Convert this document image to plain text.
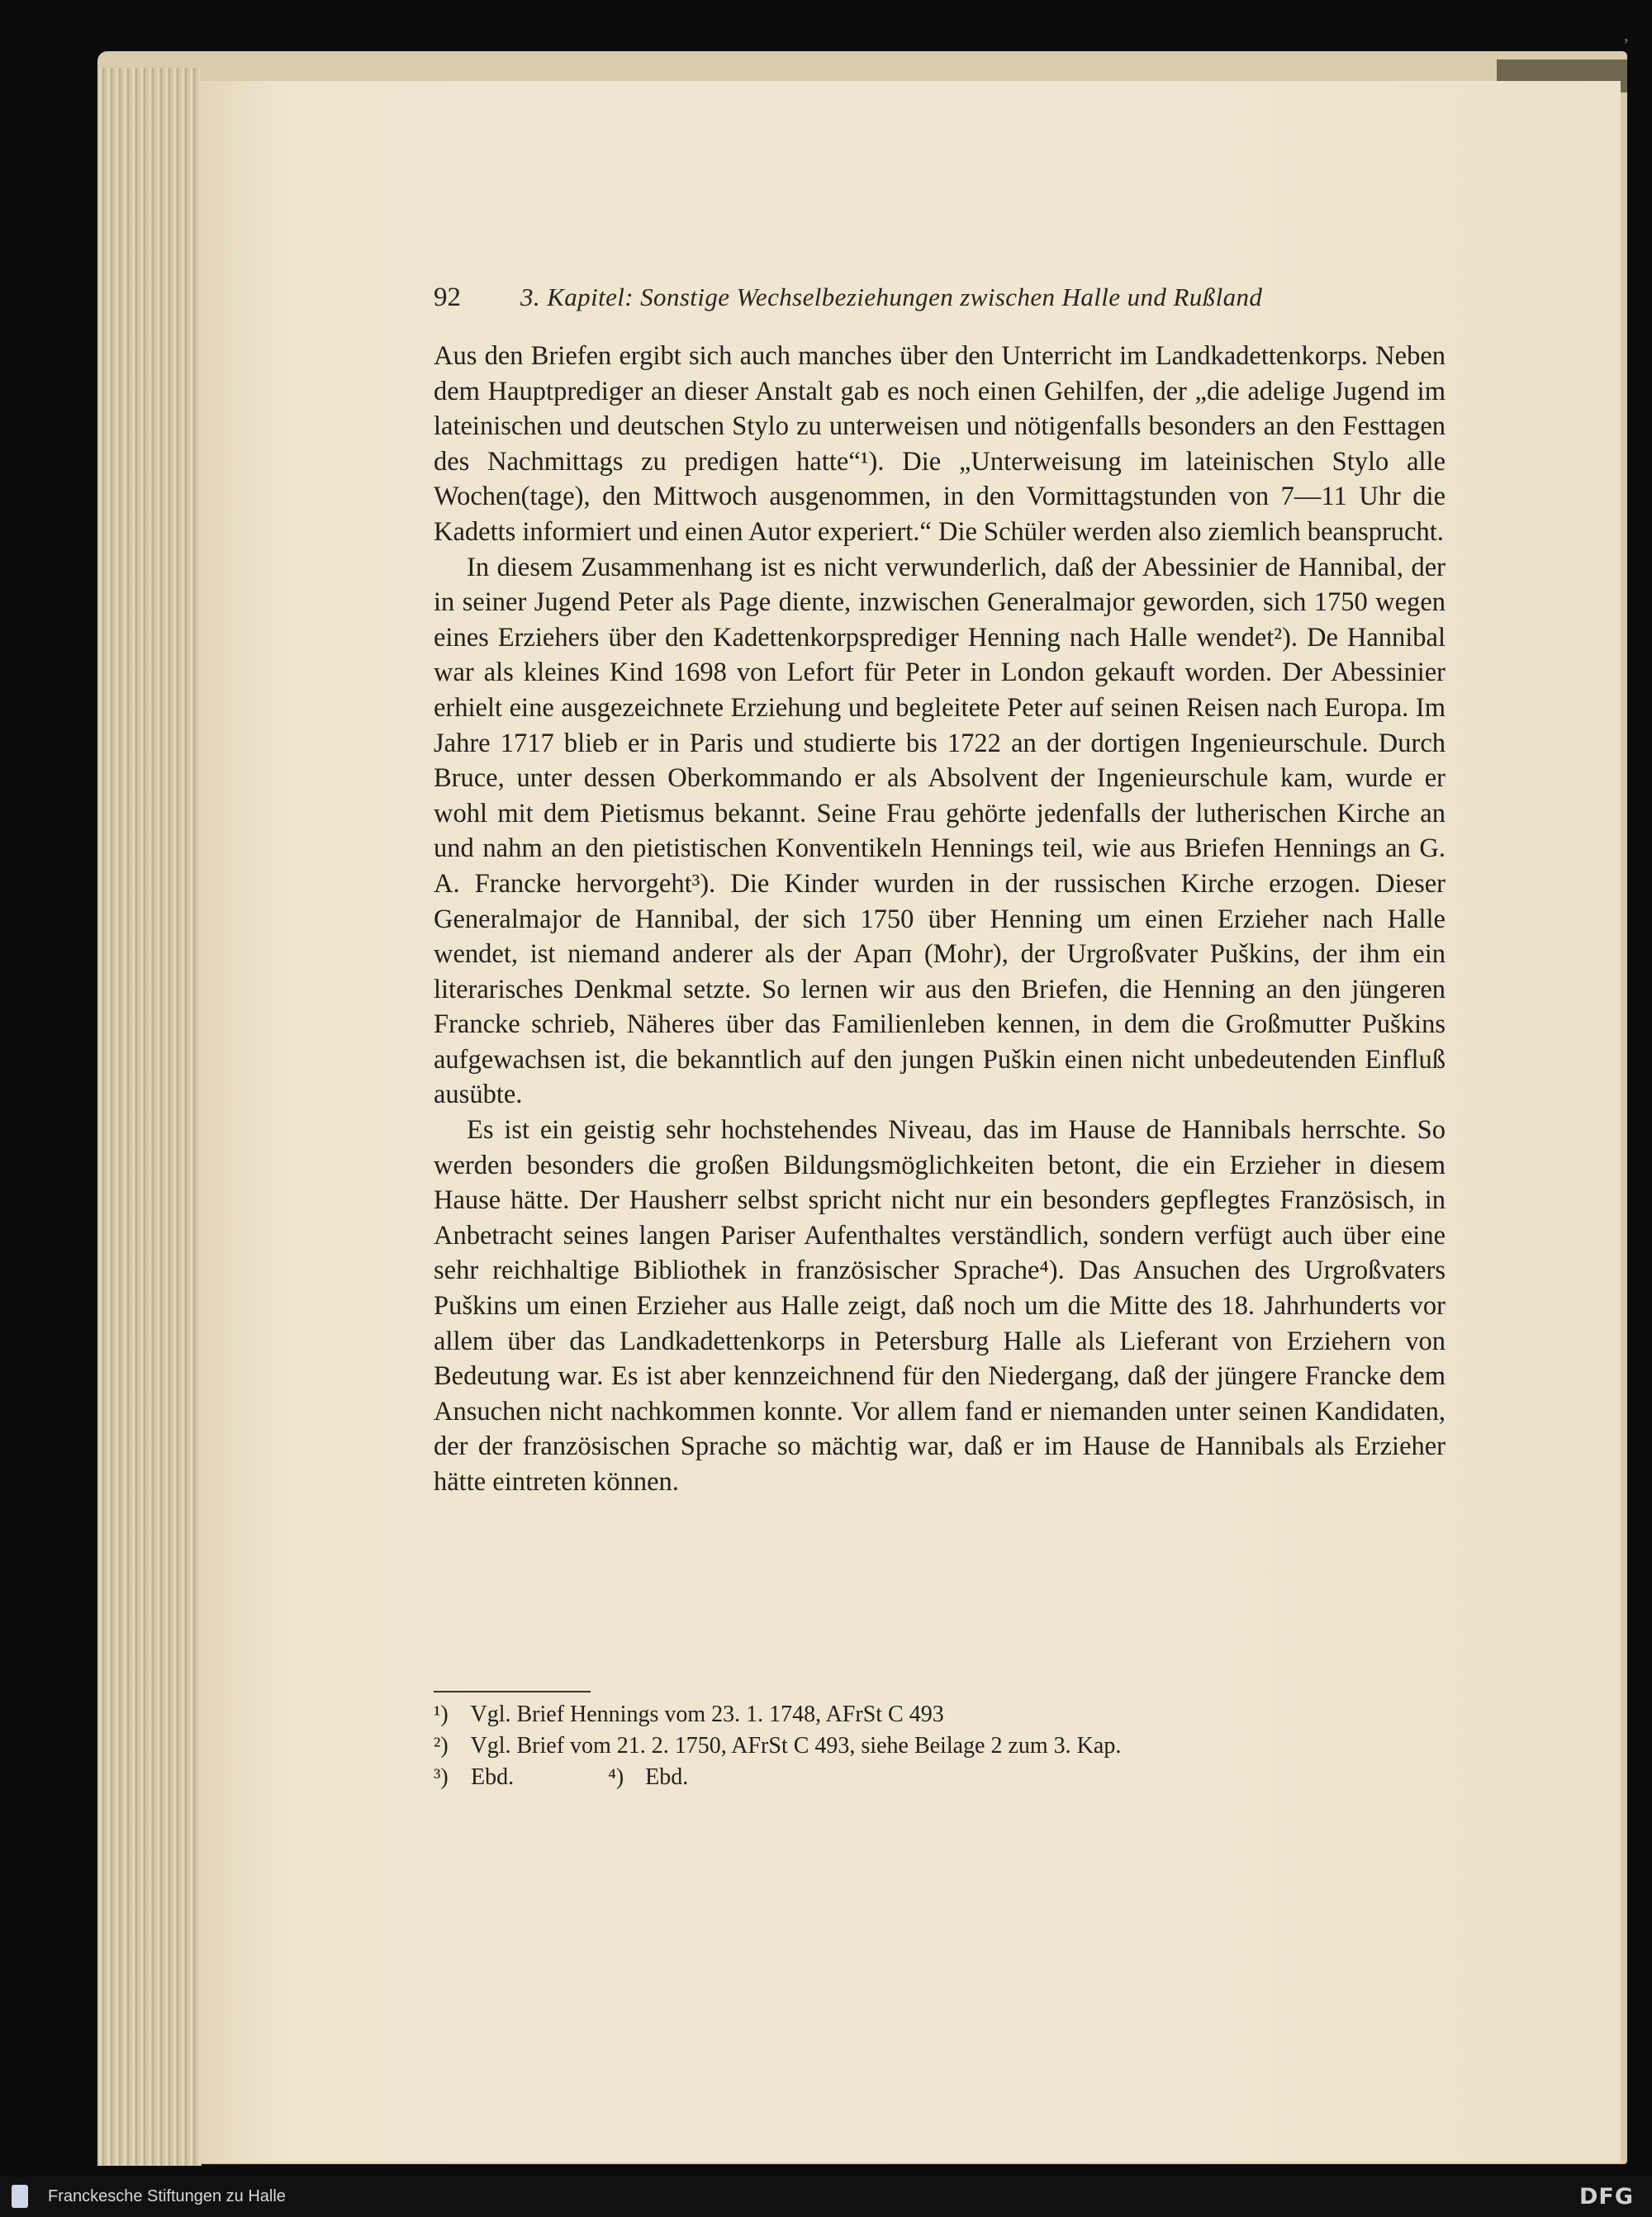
ʼ
92 3. Kapitel: Sonstige Wechselbeziehungen zwischen Halle und Rußland

Aus den Briefen ergibt sich auch manches über den Unterricht im Landkadettenkorps. Neben dem Hauptprediger an dieser Anstalt gab es noch einen Gehilfen, der „die adelige Jugend im lateinischen und deutschen Stylo zu unterweisen und nötigenfalls besonders an den Festtagen des Nachmittags zu predigen hatte“¹). Die „Unterweisung im lateinischen Stylo alle Wochen(tage), den Mittwoch ausgenommen, in den Vormittagstunden von 7—11 Uhr die Kadetts informiert und einen Autor experiert.“ Die Schüler werden also ziemlich beansprucht.

In diesem Zusammenhang ist es nicht verwunderlich, daß der Abessinier de Hannibal, der in seiner Jugend Peter als Page diente, inzwischen Generalmajor geworden, sich 1750 wegen eines Erziehers über den Kadettenkorpsprediger Henning nach Halle wendet²). De Hannibal war als kleines Kind 1698 von Lefort für Peter in London gekauft worden. Der Abessinier erhielt eine ausgezeichnete Erziehung und begleitete Peter auf seinen Reisen nach Europa. Im Jahre 1717 blieb er in Paris und studierte bis 1722 an der dortigen Ingenieurschule. Durch Bruce, unter dessen Oberkommando er als Absolvent der Ingenieurschule kam, wurde er wohl mit dem Pietismus bekannt. Seine Frau gehörte jedenfalls der lutherischen Kirche an und nahm an den pietistischen Konventikeln Hennings teil, wie aus Briefen Hennings an G. A. Francke hervorgeht³). Die Kinder wurden in der russischen Kirche erzogen. Dieser Generalmajor de Hannibal, der sich 1750 über Henning um einen Erzieher nach Halle wendet, ist niemand anderer als der Арап (Mohr), der Urgroßvater Puškins, der ihm ein literarisches Denkmal setzte. So lernen wir aus den Briefen, die Henning an den jüngeren Francke schrieb, Näheres über das Familienleben kennen, in dem die Großmutter Puškins aufgewachsen ist, die bekanntlich auf den jungen Puškin einen nicht unbedeutenden Einfluß ausübte.

Es ist ein geistig sehr hochstehendes Niveau, das im Hause de Hannibals herrschte. So werden besonders die großen Bildungsmöglichkeiten betont, die ein Erzieher in diesem Hause hätte. Der Hausherr selbst spricht nicht nur ein besonders gepflegtes Französisch, in Anbetracht seines langen Pariser Aufenthaltes verständlich, sondern verfügt auch über eine sehr reichhaltige Bibliothek in französischer Sprache⁴). Das Ansuchen des Urgroßvaters Puškins um einen Erzieher aus Halle zeigt, daß noch um die Mitte des 18. Jahrhunderts vor allem über das Landkadettenkorps in Petersburg Halle als Lieferant von Erziehern von Bedeutung war. Es ist aber kennzeichnend für den Niedergang, daß der jüngere Francke dem Ansuchen nicht nachkommen konnte. Vor allem fand er niemanden unter seinen Kandidaten, der der französischen Sprache so mächtig war, daß er im Hause de Hannibals als Erzieher hätte eintreten können.

¹) Vgl. Brief Hennings vom 23. 1. 1748, AFrSt C 493
²) Vgl. Brief vom 21. 2. 1750, AFrSt C 493, siehe Beilage 2 zum 3. Kap.
³) Ebd.	⁴) Ebd.
Franckesche Stiftungen zu Halle	DFG
